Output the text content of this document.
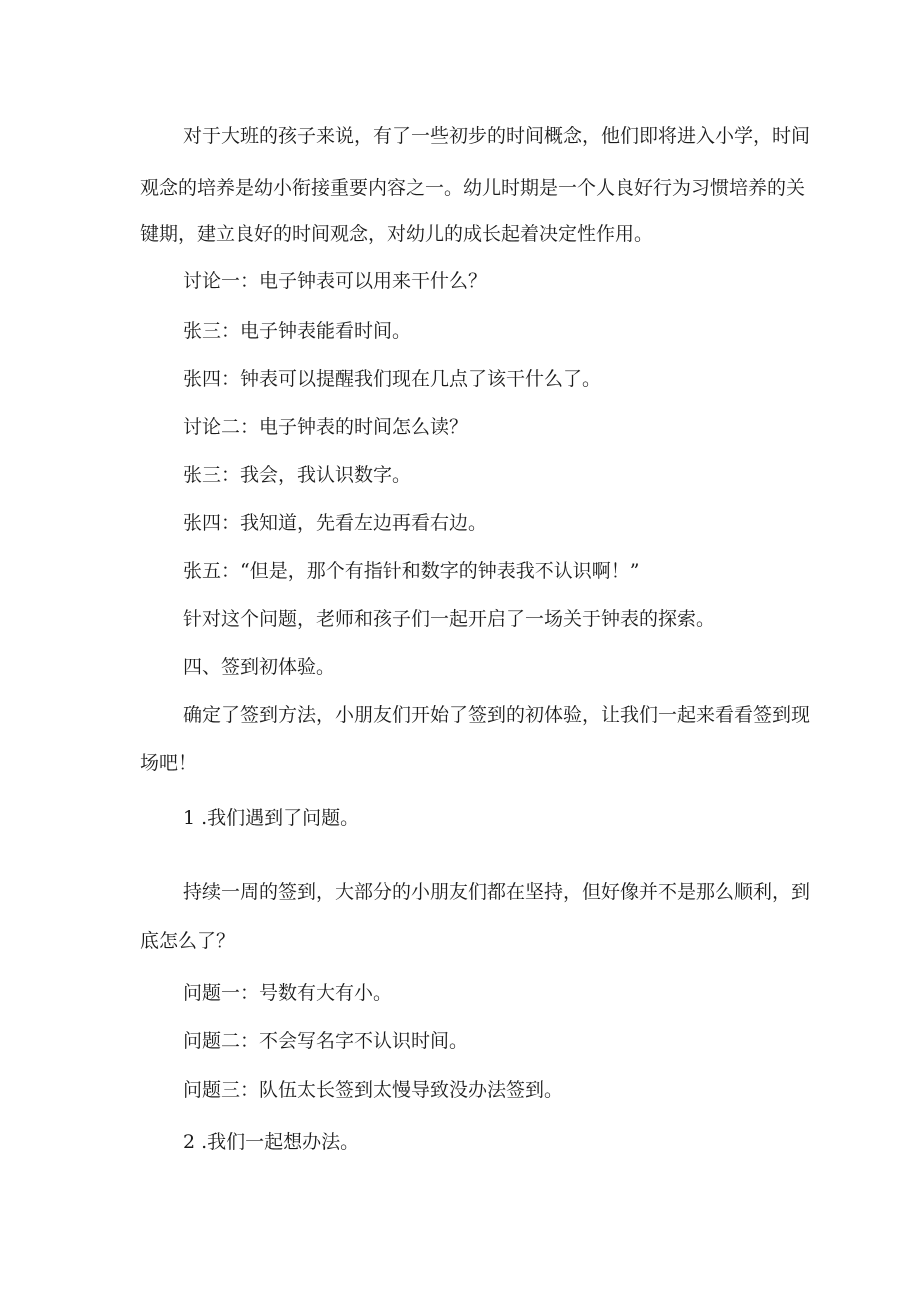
对于大班的孩子来说，有了一些初步的时间概念，他们即将进入小学，时间
观念的培养是幼小衔接重要内容之一。幼儿时期是一个人良好行为习惯培养的关
键期，建立良好的时间观念，对幼儿的成长起着决定性作用。
讨论一：电子钟表可以用来干什么？
张三：电子钟表能看时间。
张四：钟表可以提醒我们现在几点了该干什么了。
讨论二：电子钟表的时间怎么读？
张三：我会，我认识数字。
张四：我知道，先看左边再看右边。
张五：“但是，那个有指针和数字的钟表我不认识啊！”
针对这个问题，老师和孩子们一起开启了一场关于钟表的探索。
四、签到初体验。
确定了签到方法，小朋友们开始了签到的初体验，让我们一起来看看签到现
场吧！
1 .我们遇到了问题。
持续一周的签到，大部分的小朋友们都在坚持，但好像并不是那么顺利，到
底怎么了？
问题一：号数有大有小。
问题二：不会写名字不认识时间。
问题三：队伍太长签到太慢导致没办法签到。
2 .我们一起想办法。
